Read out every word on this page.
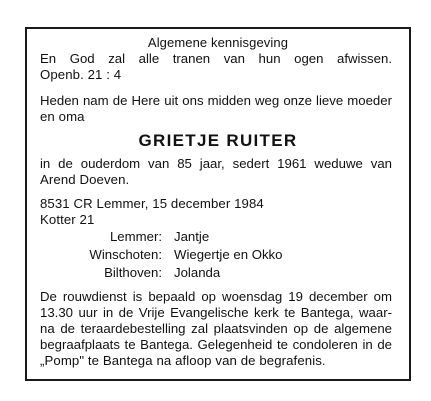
Algemene kennisgeving
En God zal alle tranen van hun ogen afwissen.
Openb. 21 : 4
Heden nam de Here uit ons midden weg onze lieve moeder
en oma
GRIETJE RUITER
in de ouderdom van 85 jaar, sedert 1961 weduwe van
Arend Doeven.
8531 CR Lemmer, 15 december 1984
Kotter 21
Lemmer: Jantje
Winschoten: Wiegertje en Okko
Bilthoven: Jolanda
De rouwdienst is bepaald op woensdag 19 december om
13.30 uur in de Vrije Evangelische kerk te Bantega, waar-
na de teraardebestelling zal plaatsvinden op de algemene
begraafplaats te Bantega. Gelegenheid te condoleren in de
„Pomp" te Bantega na afloop van de begrafenis.
